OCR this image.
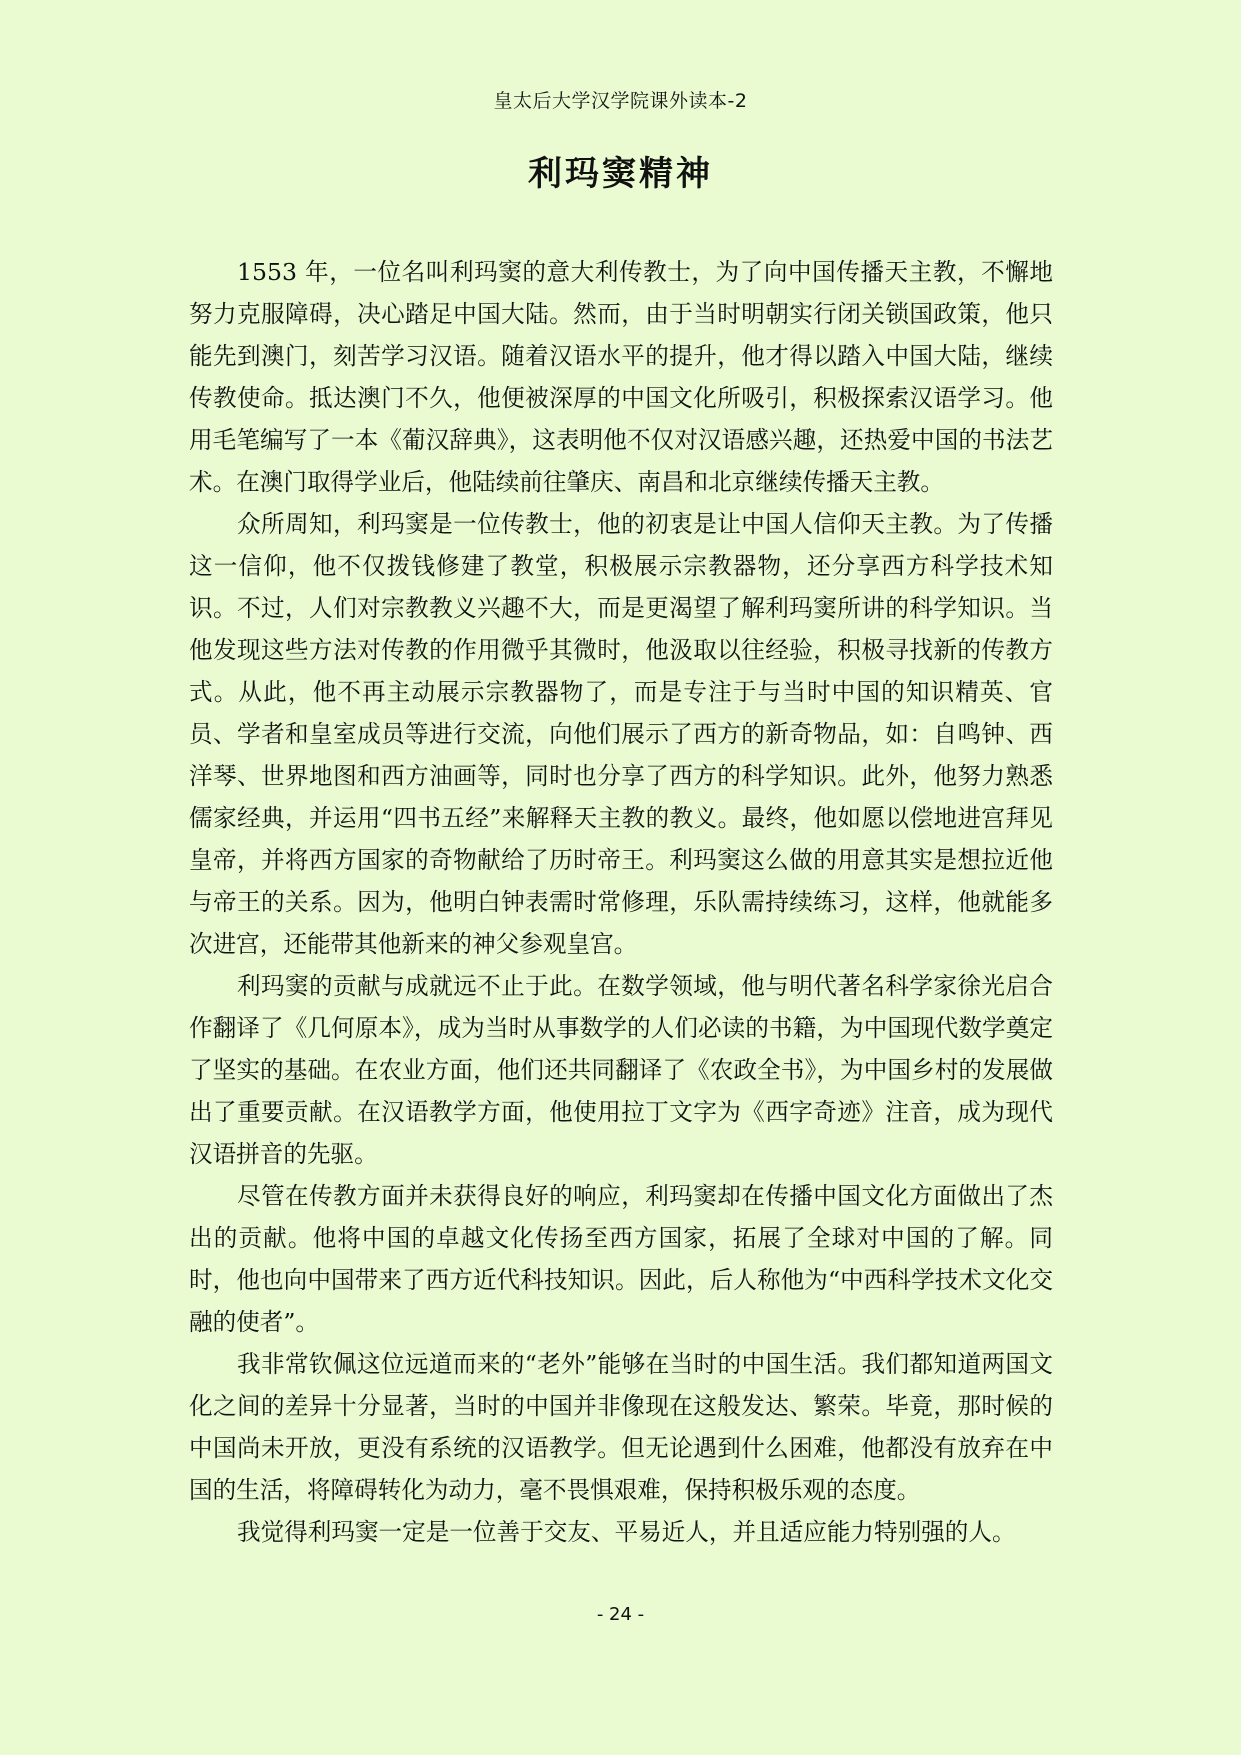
皇太后大学汉学院课外读本-2
利玛窦精神

1553 年，一位名叫利玛窦的意大利传教士，为了向中国传播天主教，不懈地努力克服障碍，决心踏足中国大陆。然而，由于当时明朝实行闭关锁国政策，他只能先到澳门，刻苦学习汉语。随着汉语水平的提升，他才得以踏入中国大陆，继续传教使命。抵达澳门不久，他便被深厚的中国文化所吸引，积极探索汉语学习。他用毛笔编写了一本《葡汉辞典》，这表明他不仅对汉语感兴趣，还热爱中国的书法艺术。在澳门取得学业后，他陆续前往肇庆、南昌和北京继续传播天主教。

众所周知，利玛窦是一位传教士，他的初衷是让中国人信仰天主教。为了传播这一信仰，他不仅拨钱修建了教堂，积极展示宗教器物，还分享西方科学技术知识。不过，人们对宗教教义兴趣不大，而是更渴望了解利玛窦所讲的科学知识。当他发现这些方法对传教的作用微乎其微时，他汲取以往经验，积极寻找新的传教方式。从此，他不再主动展示宗教器物了，而是专注于与当时中国的知识精英、官员、学者和皇室成员等进行交流，向他们展示了西方的新奇物品，如：自鸣钟、西洋琴、世界地图和西方油画等，同时也分享了西方的科学知识。此外，他努力熟悉儒家经典，并运用“四书五经”来解释天主教的教义。最终，他如愿以偿地进宫拜见皇帝，并将西方国家的奇物献给了历时帝王。利玛窦这么做的用意其实是想拉近他与帝王的关系。因为，他明白钟表需时常修理，乐队需持续练习，这样，他就能多次进宫，还能带其他新来的神父参观皇宫。

利玛窦的贡献与成就远不止于此。在数学领域，他与明代著名科学家徐光启合作翻译了《几何原本》，成为当时从事数学的人们必读的书籍，为中国现代数学奠定了坚实的基础。在农业方面，他们还共同翻译了《农政全书》，为中国乡村的发展做出了重要贡献。在汉语教学方面，他使用拉丁文字为《西字奇迹》注音，成为现代汉语拼音的先驱。

尽管在传教方面并未获得良好的响应，利玛窦却在传播中国文化方面做出了杰出的贡献。他将中国的卓越文化传扬至西方国家，拓展了全球对中国的了解。同时，他也向中国带来了西方近代科技知识。因此，后人称他为“中西科学技术文化交融的使者”。

我非常钦佩这位远道而来的“老外”能够在当时的中国生活。我们都知道两国文化之间的差异十分显著，当时的中国并非像现在这般发达、繁荣。毕竟，那时候的中国尚未开放，更没有系统的汉语教学。但无论遇到什么困难，他都没有放弃在中国的生活，将障碍转化为动力，毫不畏惧艰难，保持积极乐观的态度。

我觉得利玛窦一定是一位善于交友、平易近人，并且适应能力特别强的人。

- 24 -
